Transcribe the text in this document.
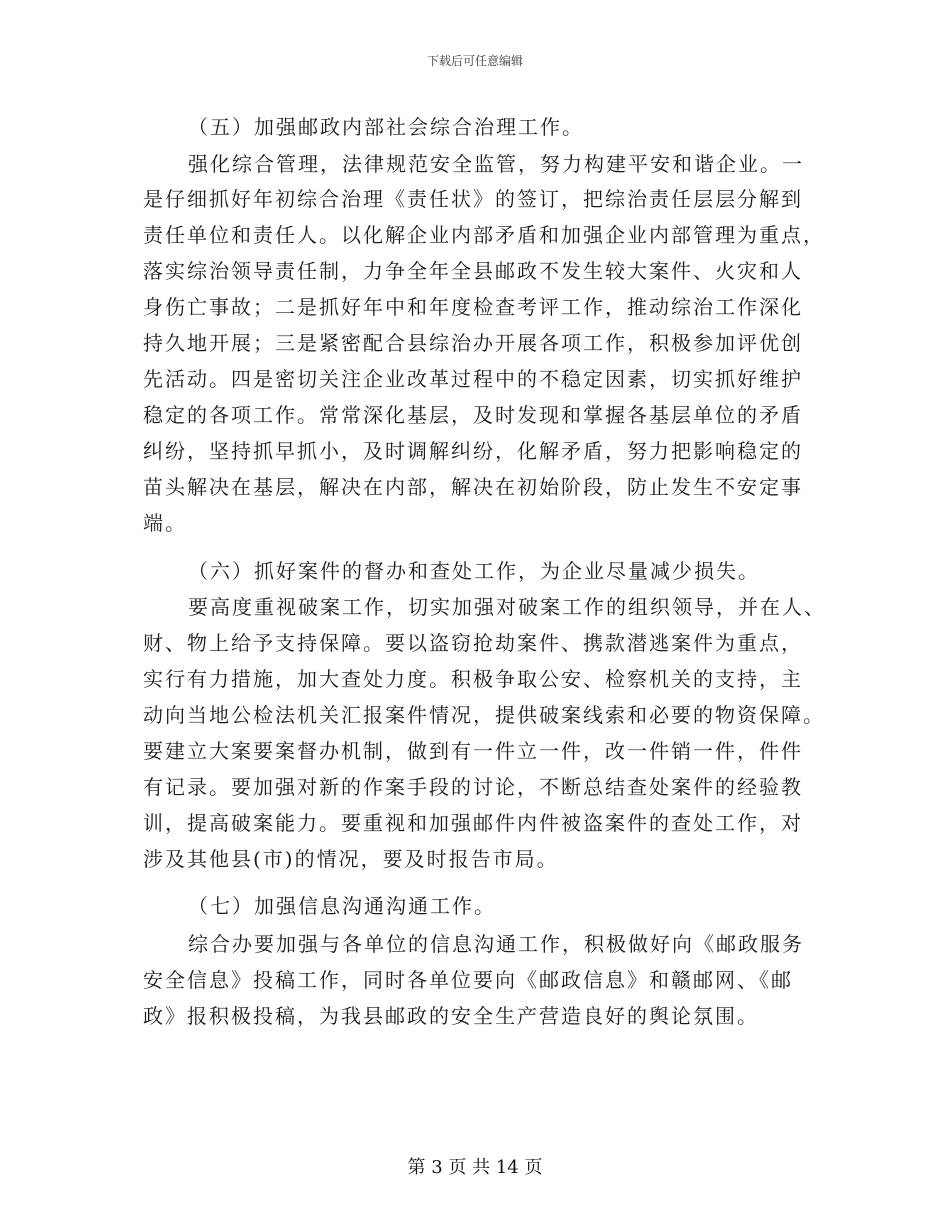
下载后可任意编辑
（五）加强邮政内部社会综合治理工作。
强化综合管理，法律规范安全监管，努力构建平安和谐企业。一
是仔细抓好年初综合治理《责任状》的签订，把综治责任层层分解到
责任单位和责任人。以化解企业内部矛盾和加强企业内部管理为重点，
落实综治领导责任制，力争全年全县邮政不发生较大案件、火灾和人
身伤亡事故；二是抓好年中和年度检查考评工作，推动综治工作深化
持久地开展；三是紧密配合县综治办开展各项工作，积极参加评优创
先活动。四是密切关注企业改革过程中的不稳定因素，切实抓好维护
稳定的各项工作。常常深化基层，及时发现和掌握各基层单位的矛盾
纠纷，坚持抓早抓小，及时调解纠纷，化解矛盾，努力把影响稳定的
苗头解决在基层，解决在内部，解决在初始阶段，防止发生不安定事
端。
（六）抓好案件的督办和查处工作，为企业尽量减少损失。
要高度重视破案工作，切实加强对破案工作的组织领导，并在人、
财、物上给予支持保障。要以盗窃抢劫案件、携款潜逃案件为重点，
实行有力措施，加大查处力度。积极争取公安、检察机关的支持，主
动向当地公检法机关汇报案件情况，提供破案线索和必要的物资保障。
要建立大案要案督办机制，做到有一件立一件，改一件销一件，件件
有记录。要加强对新的作案手段的讨论，不断总结查处案件的经验教
训，提高破案能力。要重视和加强邮件内件被盗案件的查处工作，对
涉及其他县(市)的情况，要及时报告市局。
（七）加强信息沟通沟通工作。
综合办要加强与各单位的信息沟通工作，积极做好向《邮政服务
安全信息》投稿工作，同时各单位要向《邮政信息》和赣邮网、《邮
政》报积极投稿，为我县邮政的安全生产营造良好的舆论氛围。
第 3 页 共 14 页
